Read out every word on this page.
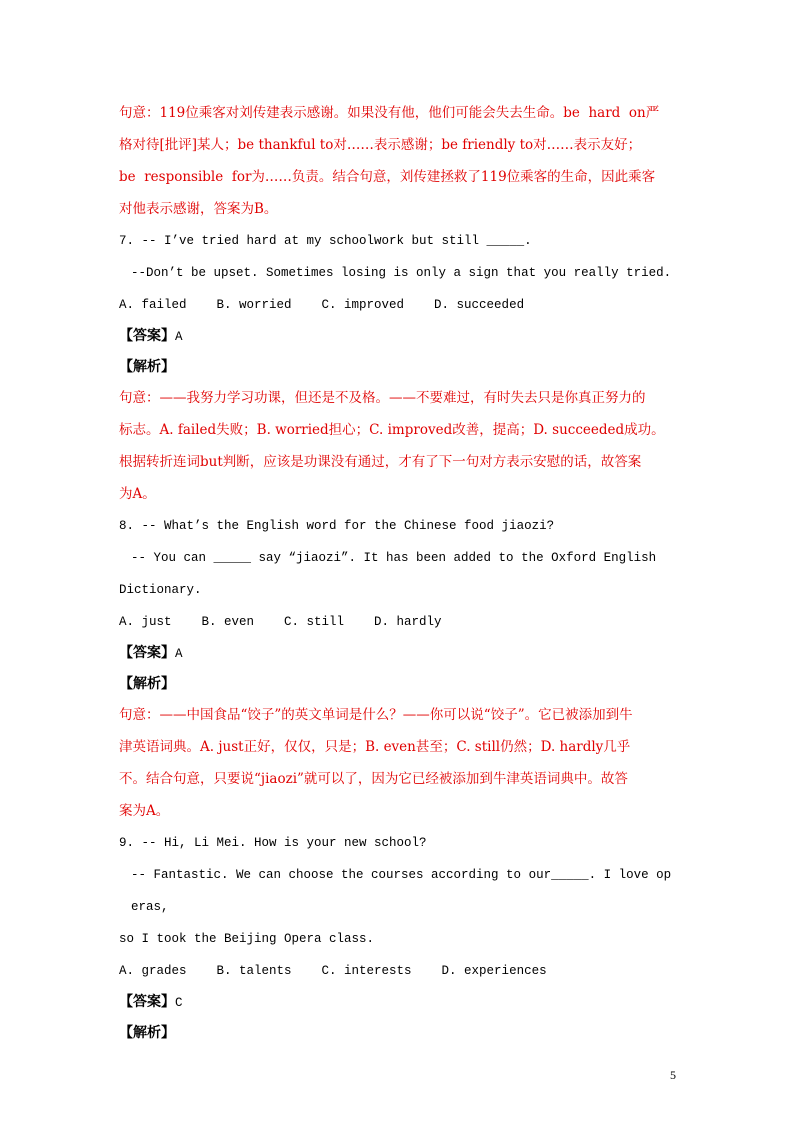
句意：119位乘客对刘传建表示感谢。如果没有他，他们可能会失去生命。be  hard  on严

格对待[批评]某人；be thankful to对……表示感谢；be friendly to对……表示友好；

be  responsible  for为……负责。结合句意，刘传建拯救了119位乘客的生命，因此乘客

对他表示感谢，答案为B。

7. -- I’ve tried hard at my schoolwork but still _____.

--Don’t be upset. Sometimes losing is only a sign that you really tried.

A. failed    B. worried    C. improved    D. succeeded

【答案】A

【解析】

句意：——我努力学习功课，但还是不及格。——不要难过，有时失去只是你真正努力的

标志。A. failed失败；B. worried担心；C. improved改善，提高；D. succeeded成功。

根据转折连词but判断，应该是功课没有通过，才有了下一句对方表示安慰的话，故答案

为A。

8. -- What’s the English word for the Chinese food jiaozi?

-- You can _____ say “jiaozi”. It has been added to the Oxford English

Dictionary.

A. just    B. even    C. still    D. hardly

【答案】A

【解析】

句意：——中国食品“饺子”的英文单词是什么？——你可以说“饺子”。它已被添加到牛

津英语词典。A. just正好，仅仅，只是；B. even甚至；C. still仍然；D. hardly几乎

不。结合句意，只要说“jiaozi”就可以了，因为它已经被添加到牛津英语词典中。故答

案为A。

9. -- Hi, Li Mei. How is your new school?

-- Fantastic. We can choose the courses according to our_____. I love operas,

so I took the Beijing Opera class.

A. grades    B. talents    C. interests    D. experiences

【答案】C

【解析】

5
